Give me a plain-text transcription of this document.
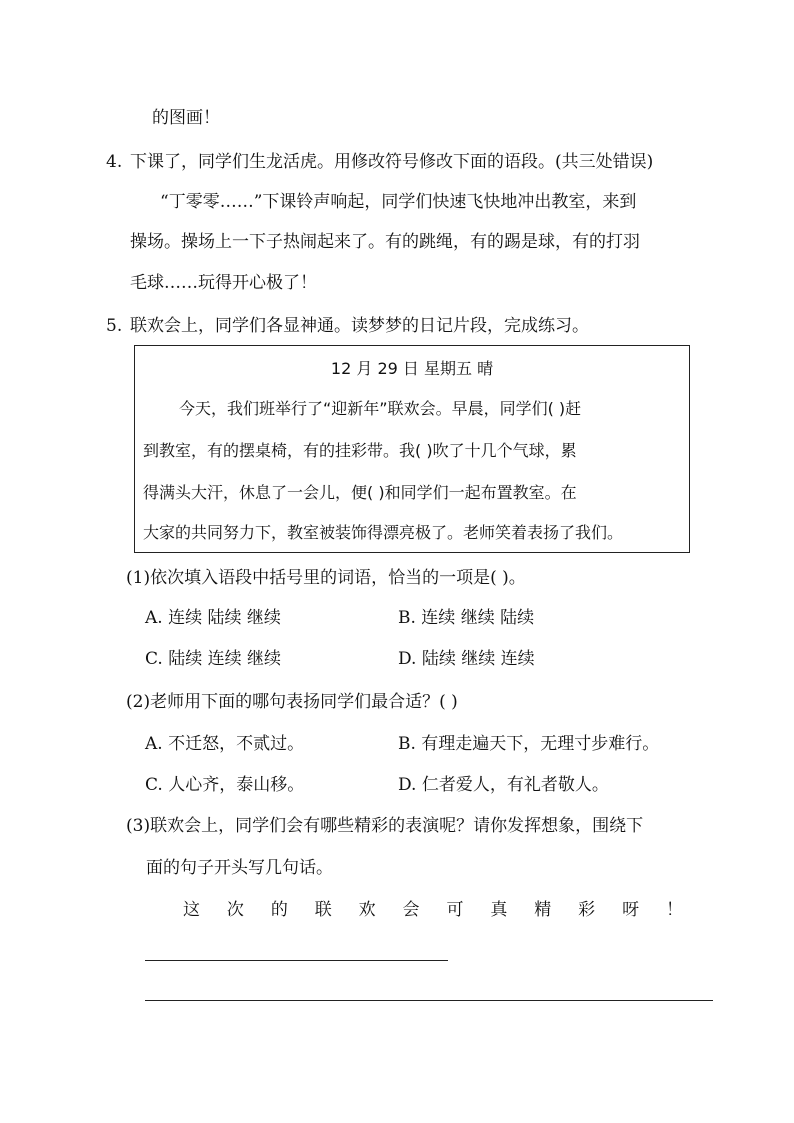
的图画！
4. 下课了，同学们生龙活虎。用修改符号修改下面的语段。(共三处错误)
“丁零零……”下课铃声响起，同学们快速飞快地冲出教室，来到
操场。操场上一下子热闹起来了。有的跳绳，有的踢是球，有的打羽
毛球……玩得开心极了！
5. 联欢会上，同学们各显神通。读梦梦的日记片段，完成练习。
12 月 29 日 星期五 晴
今天，我们班举行了“迎新年”联欢会。早晨，同学们( )赶
到教室，有的摆桌椅，有的挂彩带。我( )吹了十几个气球，累
得满头大汗，休息了一会儿，便( )和同学们一起布置教室。在
大家的共同努力下，教室被装饰得漂亮极了。老师笑着表扬了我们。
(1)依次填入语段中括号里的词语，恰当的一项是( )。
A. 连续 陆续 继续	B. 连续 继续 陆续
C. 陆续 连续 继续	D. 陆续 继续 连续
(2)老师用下面的哪句表扬同学们最合适？( )
A. 不迁怒，不贰过。	B. 有理走遍天下，无理寸步难行。
C. 人心齐，泰山移。	D. 仁者爱人，有礼者敬人。
(3)联欢会上，同学们会有哪些精彩的表演呢？请你发挥想象，围绕下
面的句子开头写几句话。
这 次 的 联 欢 会 可 真 精 彩 呀 ！
